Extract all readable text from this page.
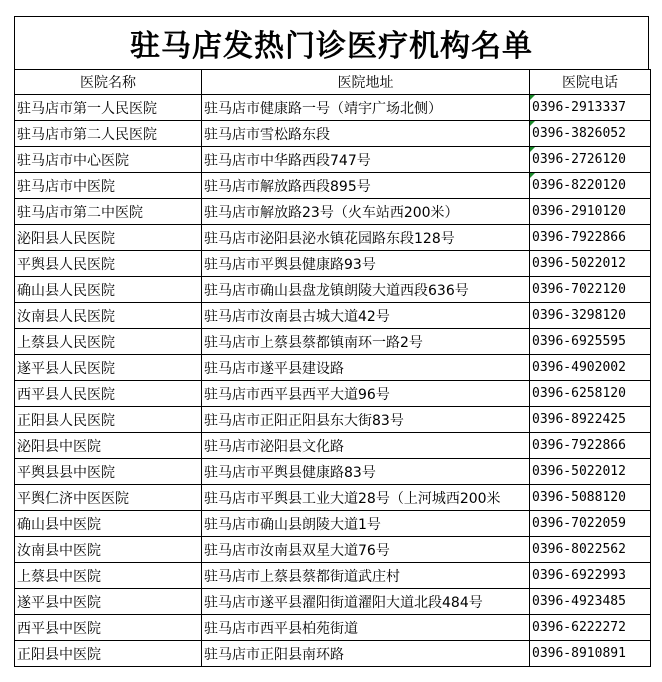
驻马店发热门诊医疗机构名单
医院名称	医院地址	医院电话
驻马店市第一人民医院	驻马店市健康路一号（靖宇广场北侧）	0396-2913337
驻马店市第二人民医院	驻马店市雪松路东段	0396-3826052
驻马店市中心医院	驻马店市中华路西段747号	0396-2726120
驻马店市中医院	驻马店市解放路西段895号	0396-8220120
驻马店市第二中医院	驻马店市解放路23号（火车站西200米）	0396-2910120
泌阳县人民医院	驻马店市泌阳县泌水镇花园路东段128号	0396-7922866
平舆县人民医院	驻马店市平舆县健康路93号	0396-5022012
确山县人民医院	驻马店市确山县盘龙镇朗陵大道西段636号	0396-7022120
汝南县人民医院	驻马店市汝南县古城大道42号	0396-3298120
上蔡县人民医院	驻马店市上蔡县蔡都镇南环一路2号	0396-6925595
遂平县人民医院	驻马店市遂平县建设路	0396-4902002
西平县人民医院	驻马店市西平县西平大道96号	0396-6258120
正阳县人民医院	驻马店市正阳正阳县东大街83号	0396-8922425
泌阳县中医院	驻马店市泌阳县文化路	0396-7922866
平舆县县中医院	驻马店市平舆县健康路83号	0396-5022012
平舆仁济中医医院	驻马店市平舆县工业大道28号（上河城西200米	0396-5088120
确山县中医院	驻马店市确山县朗陵大道1号	0396-7022059
汝南县中医院	驻马店市汝南县双星大道76号	0396-8022562
上蔡县中医院	驻马店市上蔡县蔡都街道武庄村	0396-6922993
遂平县中医院	驻马店市遂平县濯阳街道濯阳大道北段484号	0396-4923485
西平县中医院	驻马店市西平县柏苑街道	0396-6222272
正阳县中医院	驻马店市正阳县南环路	0396-8910891
